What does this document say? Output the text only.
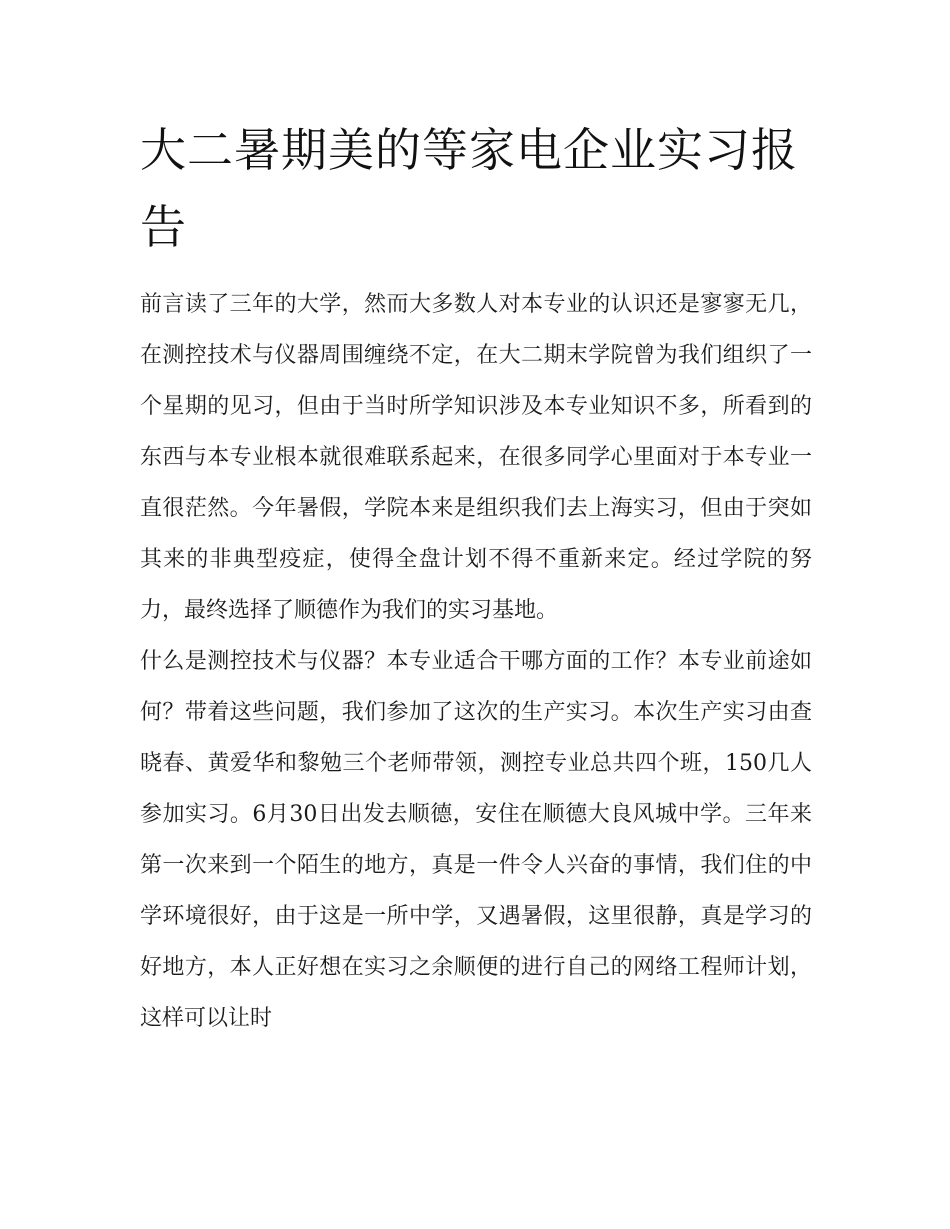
大二暑期美的等家电企业实习报告

前言读了三年的大学，然而大多数人对本专业的认识还是寥寥无几，在测控技术与仪器周围缠绕不定，在大二期末学院曾为我们组织了一个星期的见习，但由于当时所学知识涉及本专业知识不多，所看到的东西与本专业根本就很难联系起来，在很多同学心里面对于本专业一直很茫然。今年暑假，学院本来是组织我们去上海实习，但由于突如其来的非典型疫症，使得全盘计划不得不重新来定。经过学院的努力，最终选择了顺德作为我们的实习基地。

什么是测控技术与仪器？本专业适合干哪方面的工作？本专业前途如何？带着这些问题，我们参加了这次的生产实习。本次生产实习由查晓春、黄爱华和黎勉三个老师带领，测控专业总共四个班，150几人参加实习。6月30日出发去顺德，安住在顺德大良风城中学。三年来第一次来到一个陌生的地方，真是一件令人兴奋的事情，我们住的中学环境很好，由于这是一所中学，又遇暑假，这里很静，真是学习的好地方，本人正好想在实习之余顺便的进行自己的网络工程师计划，这样可以让时
